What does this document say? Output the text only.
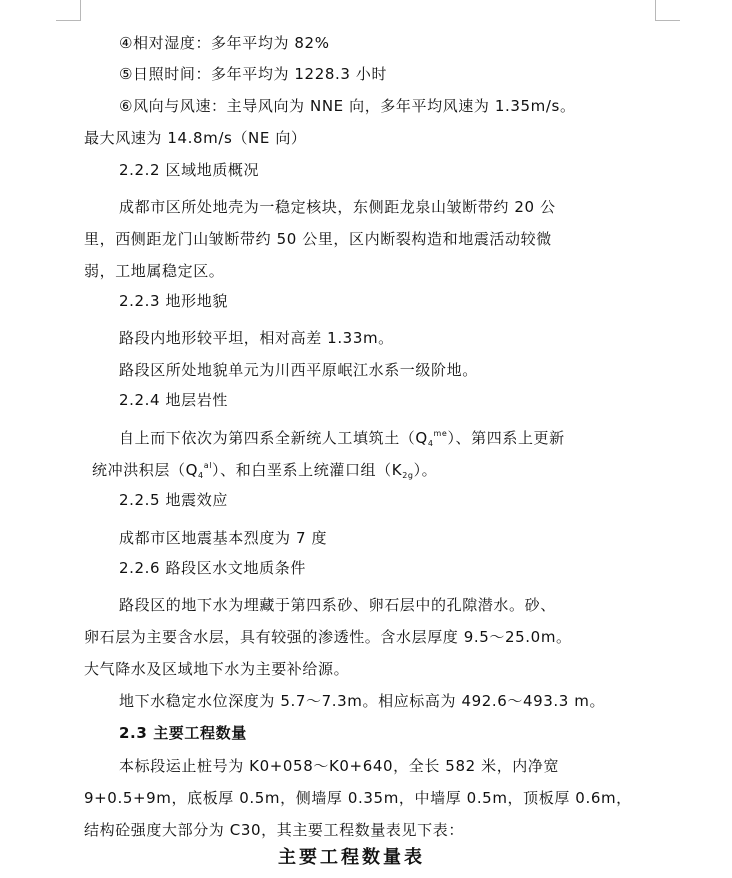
④相对湿度：多年平均为 82%
⑤日照时间：多年平均为 1228.3 小时
⑥风向与风速：主导风向为 NNE 向，多年平均风速为 1.35m/s。
最大风速为 14.8m/s（NE 向）
2.2.2 区域地质概况
成都市区所处地壳为一稳定核块，东侧距龙泉山皱断带约 20 公
里，西侧距龙门山皱断带约 50 公里，区内断裂构造和地震活动较微
弱，工地属稳定区。
2.2.3 地形地貌
路段内地形较平坦，相对高差 1.33m。
路段区所处地貌单元为川西平原岷江水系一级阶地。
2.2.4 地层岩性
自上而下依次为第四系全新统人工填筑土$(Q_4^{me})$、第四系上更新
统冲洪积层$(Q_4^{al})$、和白垩系上统灌口组$(K_{2g})$。
2.2.5 地震效应
成都市区地震基本烈度为 7 度
2.2.6 路段区水文地质条件
路段区的地下水为埋藏于第四系砂、卵石层中的孔隙潜水。砂、
卵石层为主要含水层，具有较强的渗透性。含水层厚度 9.5～25.0m。
大气降水及区域地下水为主要补给源。
地下水稳定水位深度为 5.7～7.3m。相应标高为 492.6～493.3 m。
2.3 主要工程数量
本标段运止桩号为 K0+058～K0+640，全长 582 米，内净宽
9+0.5+9m，底板厚 0.5m，侧墙厚 0.35m，中墙厚 0.5m，顶板厚 0.6m，
结构砼强度大部分为 C30，其主要工程数量表见下表：
主要工程数量表
